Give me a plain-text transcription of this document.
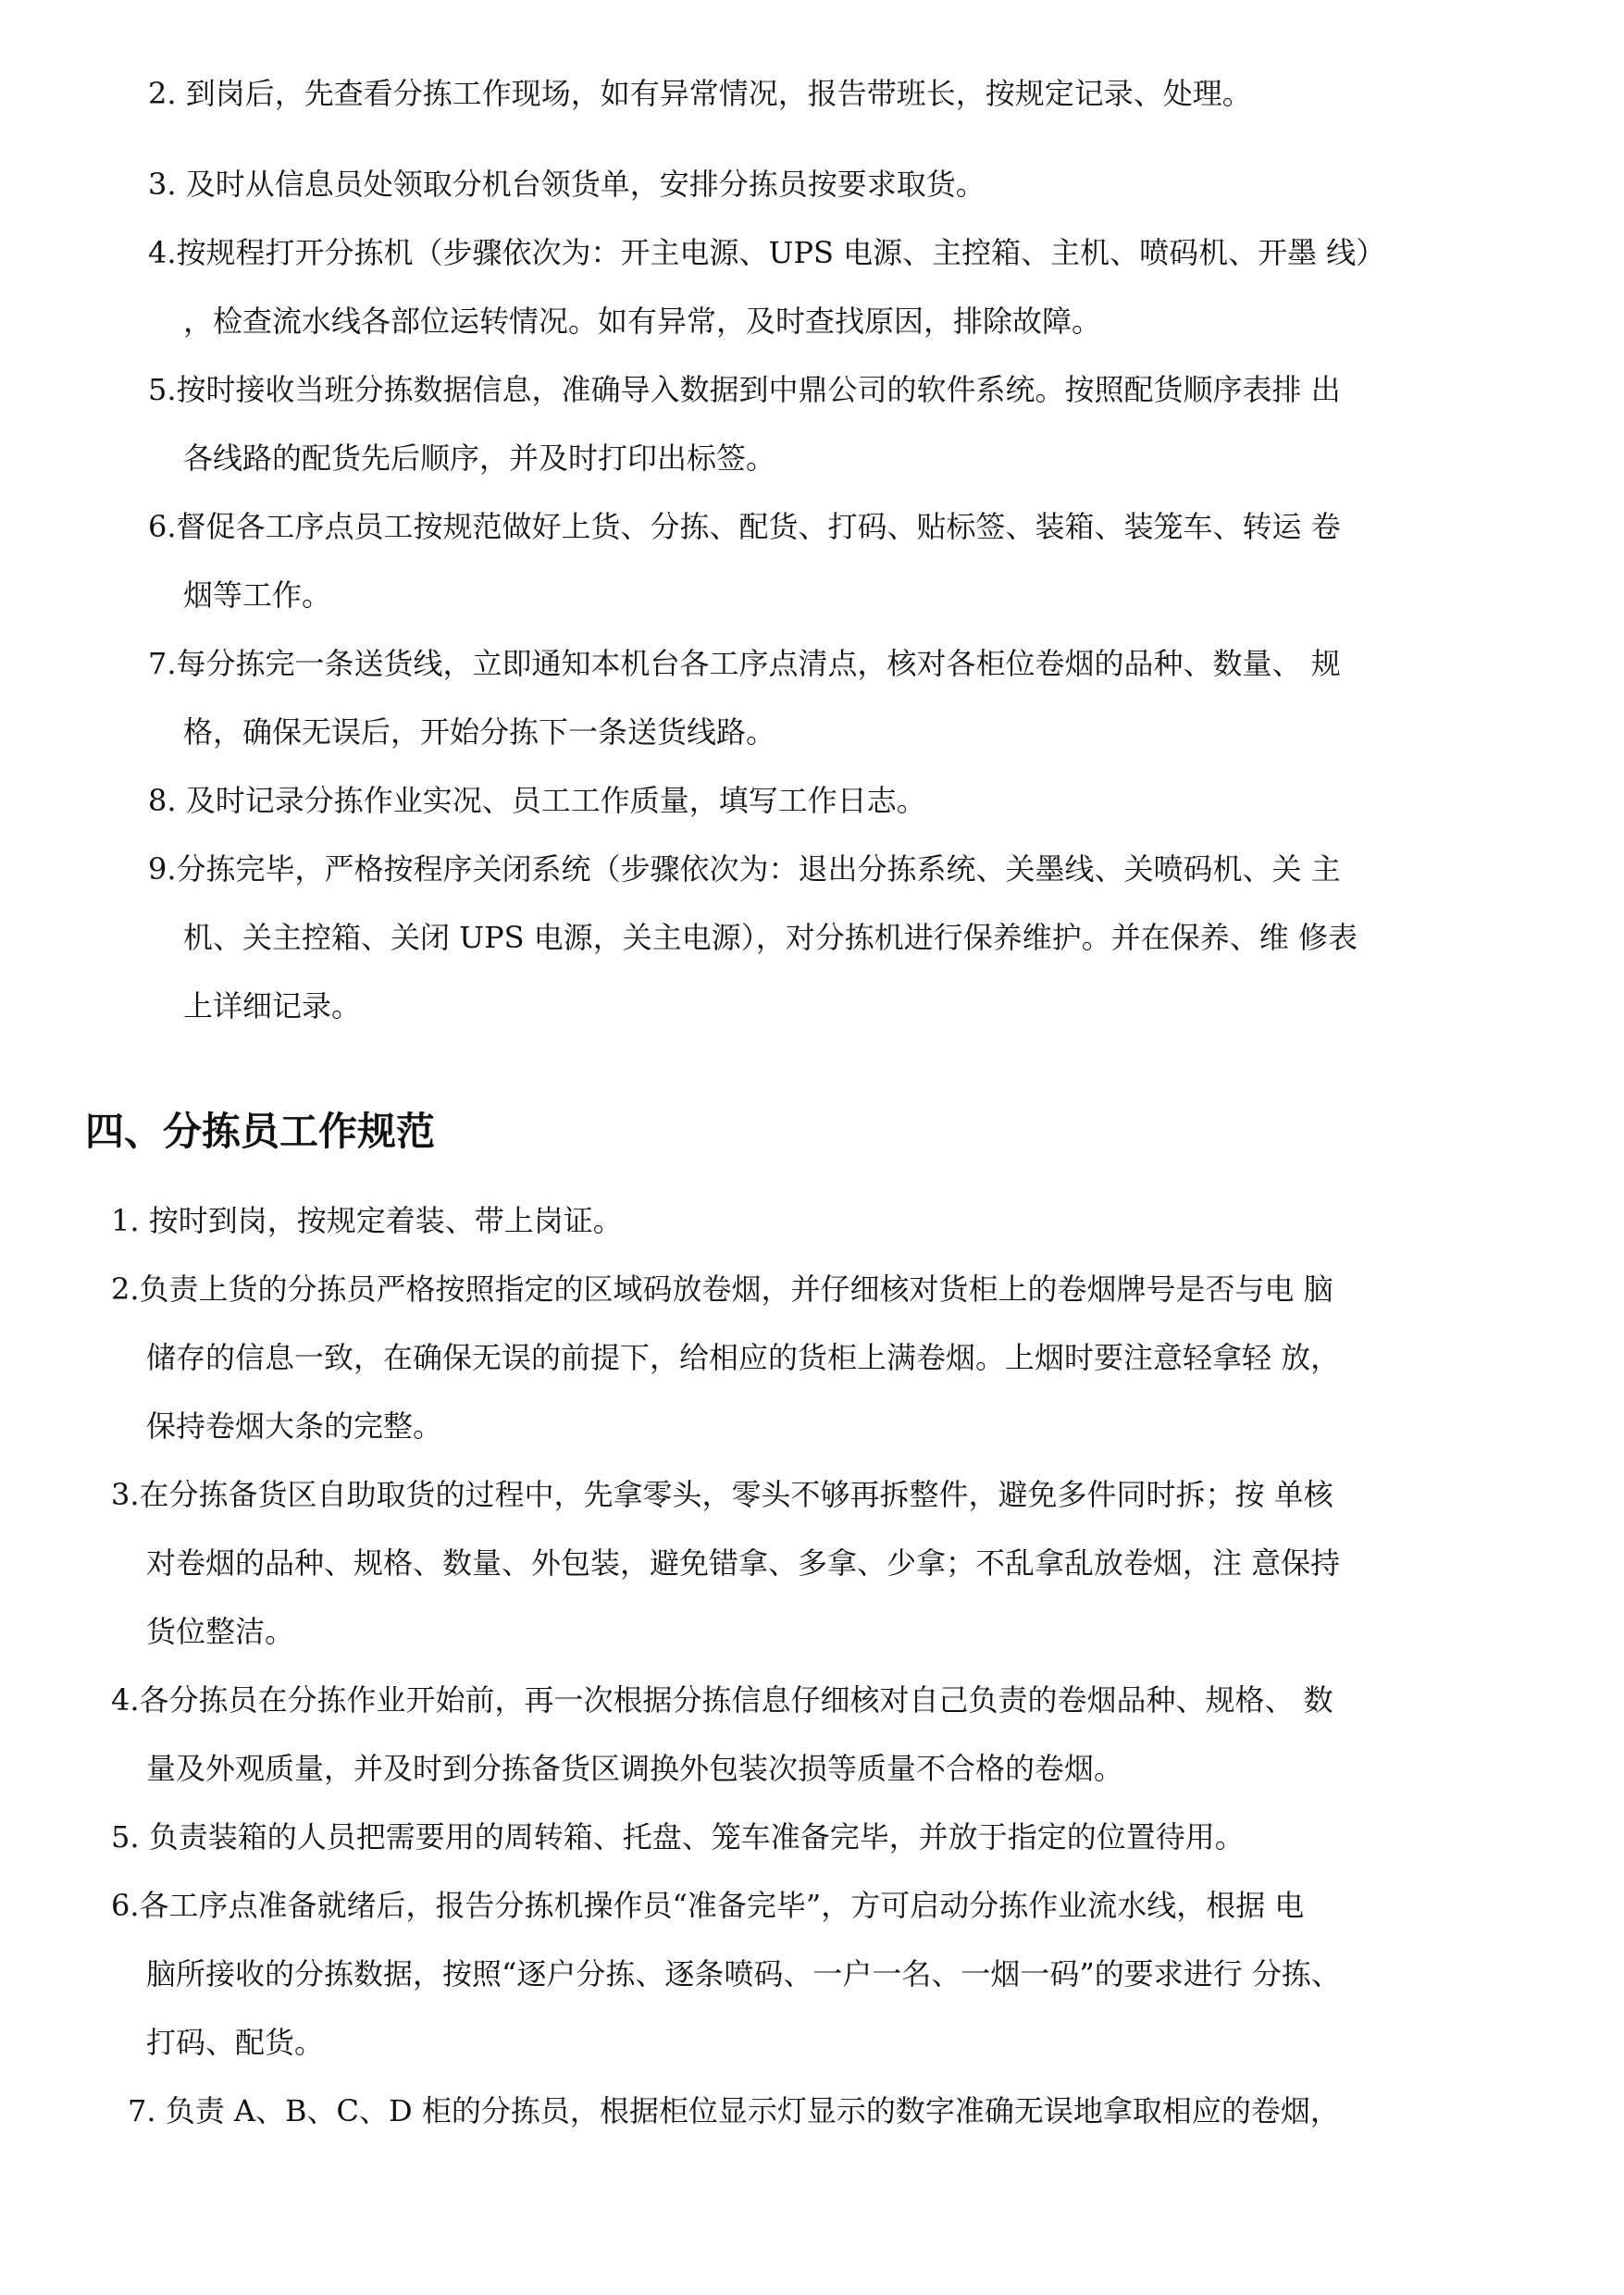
2. 到岗后，先查看分拣工作现场，如有异常情况，报告带班长，按规定记录、处理。

3. 及时从信息员处领取分机台领货单，安排分拣员按要求取货。

4.按规程打开分拣机（步骤依次为：开主电源、UPS 电源、主控箱、主机、喷码机、开墨 线）
，检查流水线各部位运转情况。如有异常，及时查找原因，排除故障。

5.按时接收当班分拣数据信息，准确导入数据到中鼎公司的软件系统。按照配货顺序表排 出
各线路的配货先后顺序，并及时打印出标签。

6.督促各工序点员工按规范做好上货、分拣、配货、打码、贴标签、装箱、装笼车、转运 卷
烟等工作。

7.每分拣完一条送货线，立即通知本机台各工序点清点，核对各柜位卷烟的品种、数量、 规
格，确保无误后，开始分拣下一条送货线路。

8. 及时记录分拣作业实况、员工工作质量，填写工作日志。

9.分拣完毕，严格按程序关闭系统（步骤依次为：退出分拣系统、关墨线、关喷码机、关 主
机、关主控箱、关闭 UPS 电源，关主电源），对分拣机进行保养维护。并在保养、维 修表
上详细记录。

四、分拣员工作规范

1. 按时到岗，按规定着装、带上岗证。

2.负责上货的分拣员严格按照指定的区域码放卷烟，并仔细核对货柜上的卷烟牌号是否与电 脑
储存的信息一致，在确保无误的前提下，给相应的货柜上满卷烟。上烟时要注意轻拿轻 放，
保持卷烟大条的完整。

3.在分拣备货区自助取货的过程中，先拿零头，零头不够再拆整件，避免多件同时拆；按 单核
对卷烟的品种、规格、数量、外包装，避免错拿、多拿、少拿；不乱拿乱放卷烟，注 意保持
货位整洁。

4.各分拣员在分拣作业开始前，再一次根据分拣信息仔细核对自己负责的卷烟品种、规格、 数
量及外观质量，并及时到分拣备货区调换外包装次损等质量不合格的卷烟。

5. 负责装箱的人员把需要用的周转箱、托盘、笼车准备完毕，并放于指定的位置待用。

6.各工序点准备就绪后，报告分拣机操作员“准备完毕”，方可启动分拣作业流水线，根据 电
脑所接收的分拣数据，按照“逐户分拣、逐条喷码、一户一名、一烟一码”的要求进行 分拣、
打码、配货。

7. 负责 A、B、C、D 柜的分拣员，根据柜位显示灯显示的数字准确无误地拿取相应的卷烟，
